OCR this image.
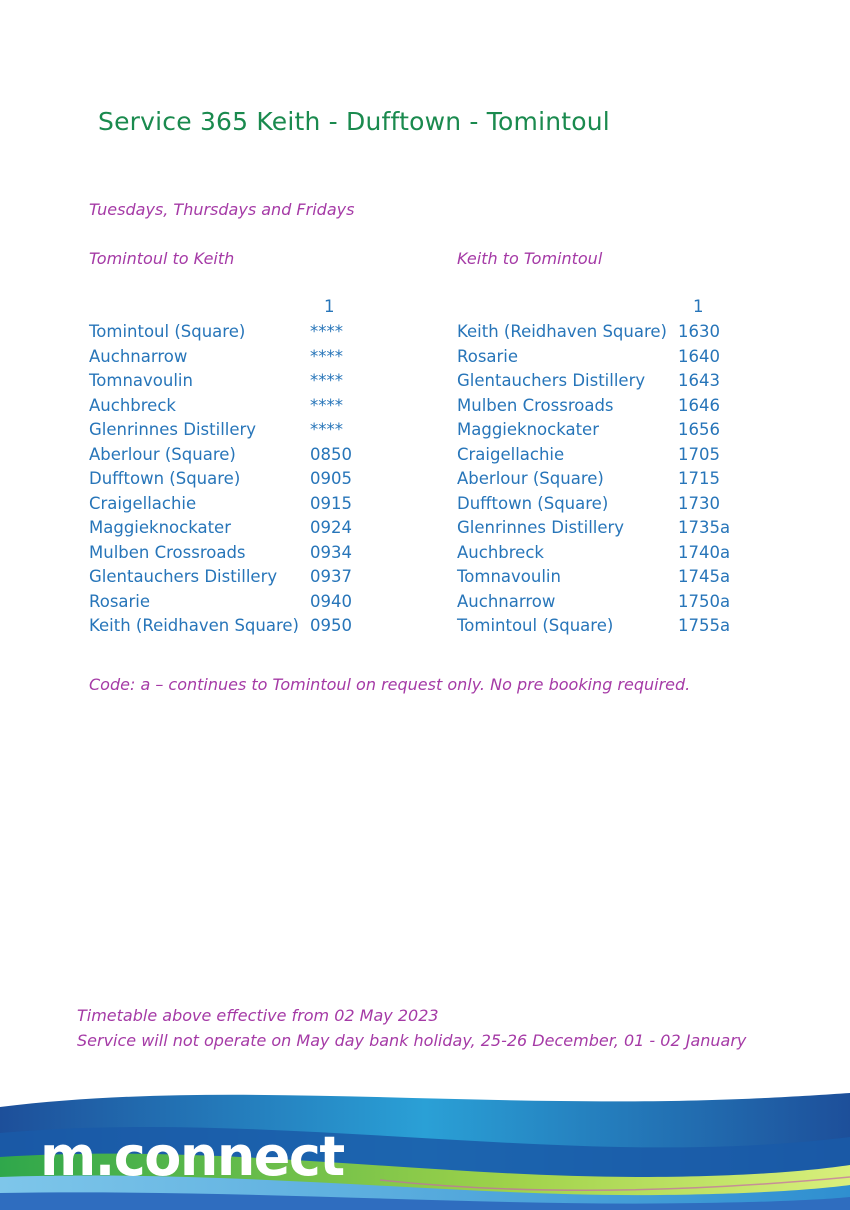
Service 365 Keith - Dufftown - Tomintoul
Tuesdays, Thursdays and Fridays
Tomintoul to Keith	Keith to Tomintoul
1	1
Tomintoul (Square)	****
Auchnarrow	****
Tomnavoulin	****
Auchbreck	****
Glenrinnes Distillery	****
Aberlour (Square)	0850
Dufftown (Square)	0905
Craigellachie	0915
Maggieknockater	0924
Mulben Crossroads	0934
Glentauchers Distillery 0937
Rosarie	0940
Keith (Reidhaven Square) 0950
Keith (Reidhaven Square) 1630
Rosarie	1640
Glentauchers Distillery 1643
Mulben Crossroads	1646
Maggieknockater	1656
Craigellachie	1705
Aberlour (Square)	1715
Dufftown (Square)	1730
Glenrinnes Distillery	1735a
Auchbreck	1740a
Tomnavoulin	1745a
Auchnarrow	1750a
Tomintoul (Square)	1755a
Code: a – continues to Tomintoul on request only. No pre booking required.
Timetable above effective from 02 May 2023
Service will not operate on May day bank holiday, 25-26 December, 01 - 02 January
m.connect
